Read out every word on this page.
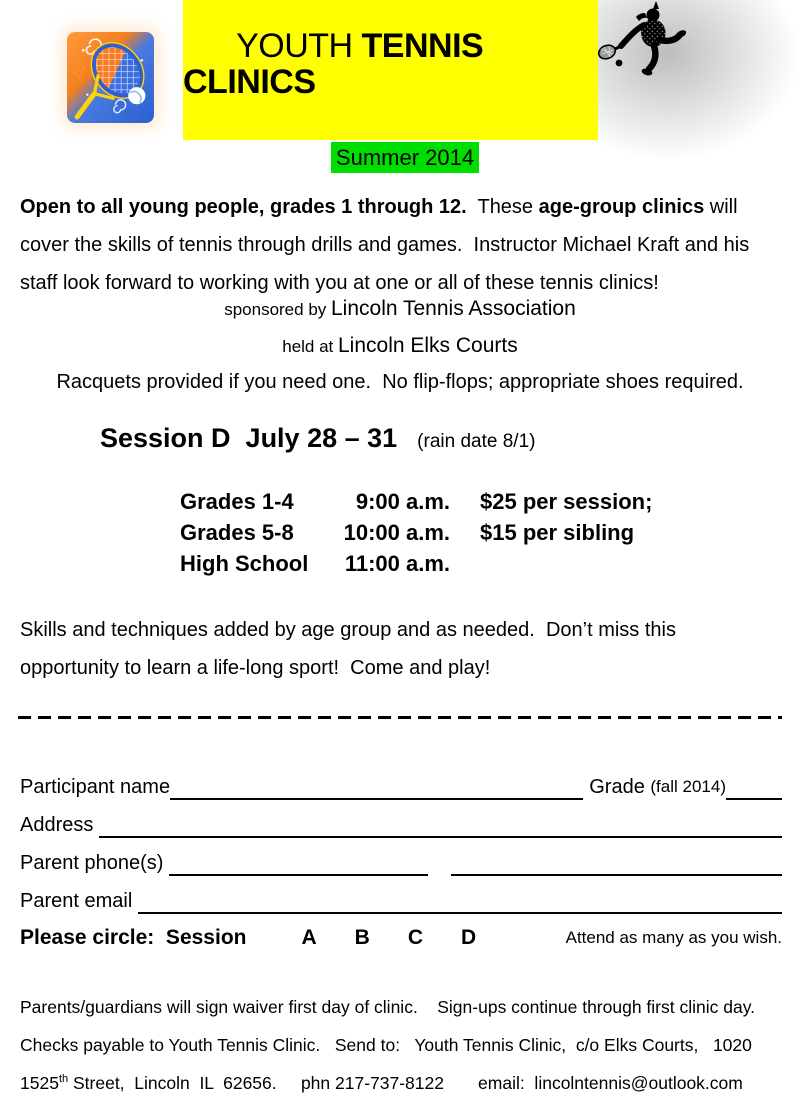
YOUTH TENNIS CLINICS

Summer 2014
Open to all young people, grades 1 through 12.  These age-group clinics will cover the skills of tennis through drills and games.  Instructor Michael Kraft and his staff look forward to working with you at one or all of these tennis clinics!
sponsored by Lincoln Tennis Association
held at Lincoln Elks Courts
Racquets provided if you need one.  No flip-flops; appropriate shoes required.
Session D  July 28 – 31 (rain date 8/1)
Grades 1-4	9:00 a.m.	$25 per session;
Grades 5-8	10:00 a.m.	$15 per sibling
High School	11:00 a.m.
Skills and techniques added by age group and as needed.  Don’t miss this opportunity to learn a life-long sport!  Come and play!
Participant name	Grade (fall 2014)
Address
Parent phone(s)
Parent email
Please circle:  Session	A B C D	Attend as many as you wish.
Parents/guardians will sign waiver first day of clinic.    Sign-ups continue through first clinic day.
Checks payable to Youth Tennis Clinic.   Send to:   Youth Tennis Clinic,  c/o Elks Courts,   1020
1525th Street,  Lincoln  IL  62656.     phn 217-737-8122       email:  lincolntennis@outlook.com
